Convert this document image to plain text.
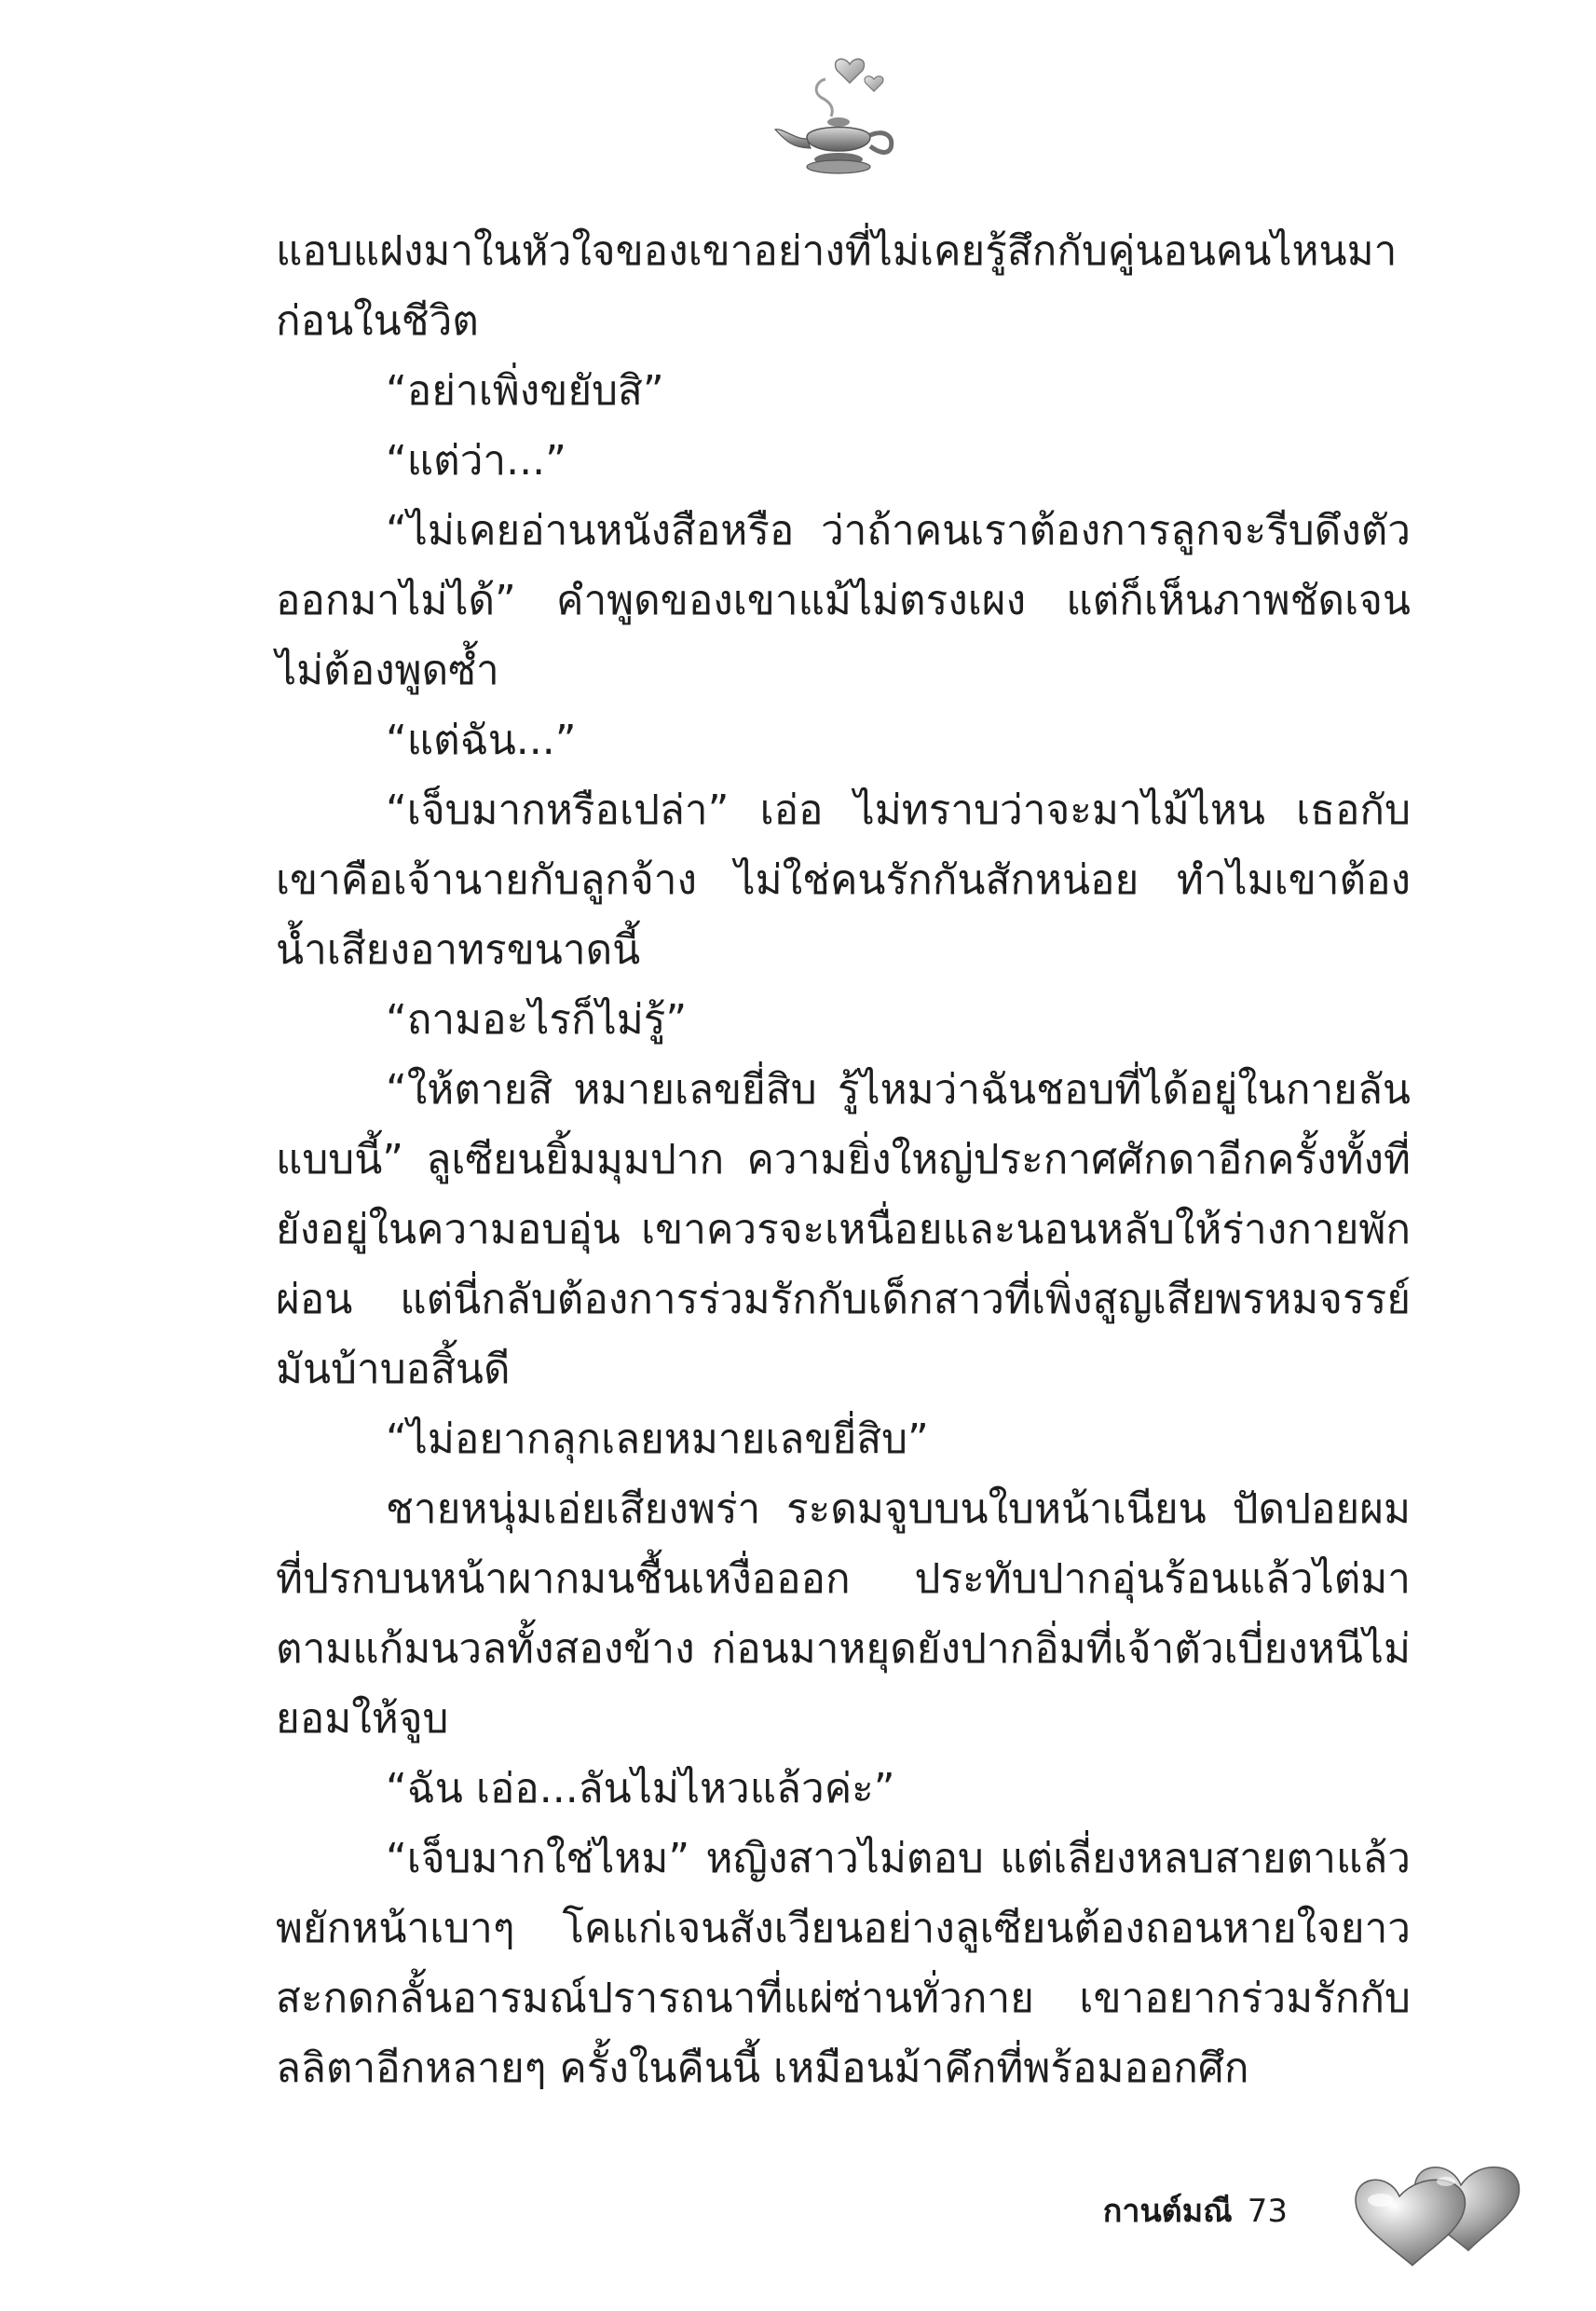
แอบแฝงมาในหัวใจของเขาอย่างที่ไม่เคยรู้สึกกับคู่นอนคนไหนมาก่อนในชีวิต

“อย่าเพิ่งขยับสิ”

“แต่ว่า...”

“ไม่เคยอ่านหนังสือหรือ ว่าถ้าคนเราต้องการลูกจะรีบดึงตัวออกมาไม่ได้” คำพูดของเขาแม้ไม่ตรงเผง แต่ก็เห็นภาพชัดเจน ไม่ต้องพูดซ้ำ

“แต่ฉัน...”

“เจ็บมากหรือเปล่า” เอ่อ ไม่ทราบว่าจะมาไม้ไหน เธอกับเขาคือเจ้านายกับลูกจ้าง ไม่ใช่คนรักกันสักหน่อย ทำไมเขาต้องน้ำเสียงอาทรขนาดนี้

“ถามอะไรก็ไม่รู้”

“ให้ตายสิ หมายเลขยี่สิบ รู้ไหมว่าฉันชอบที่ได้อยู่ในกายลันแบบนี้” ลูเซียนยิ้มมุมปาก ความยิ่งใหญ่ประกาศศักดาอีกครั้งทั้งที่ยังอยู่ในความอบอุ่น เขาควรจะเหนื่อยและนอนหลับให้ร่างกายพักผ่อน แต่นี่กลับต้องการร่วมรักกับเด็กสาวที่เพิ่งสูญเสียพรหมจรรย์ มันบ้าบอสิ้นดี

“ไม่อยากลุกเลยหมายเลขยี่สิบ”

ชายหนุ่มเอ่ยเสียงพร่า ระดมจูบบนใบหน้าเนียน ปัดปอยผมที่ปรกบนหน้าผากมนชื้นเหงื่อออก ประทับปากอุ่นร้อนแล้วไต่มาตามแก้มนวลทั้งสองข้าง ก่อนมาหยุดยังปากอิ่มที่เจ้าตัวเบี่ยงหนีไม่ยอมให้จูบ

“ฉัน เอ่อ...ลันไม่ไหวแล้วค่ะ”

“เจ็บมากใช่ไหม” หญิงสาวไม่ตอบ แต่เลี่ยงหลบสายตาแล้วพยักหน้าเบาๆ โคแก่เจนสังเวียนอย่างลูเซียนต้องถอนหายใจยาว สะกดกลั้นอารมณ์ปรารถนาที่แผ่ซ่านทั่วกาย เขาอยากร่วมรักกับลลิตาอีกหลายๆ ครั้งในคืนนี้ เหมือนม้าคึกที่พร้อมออกศึก

กานต์มณี 73
